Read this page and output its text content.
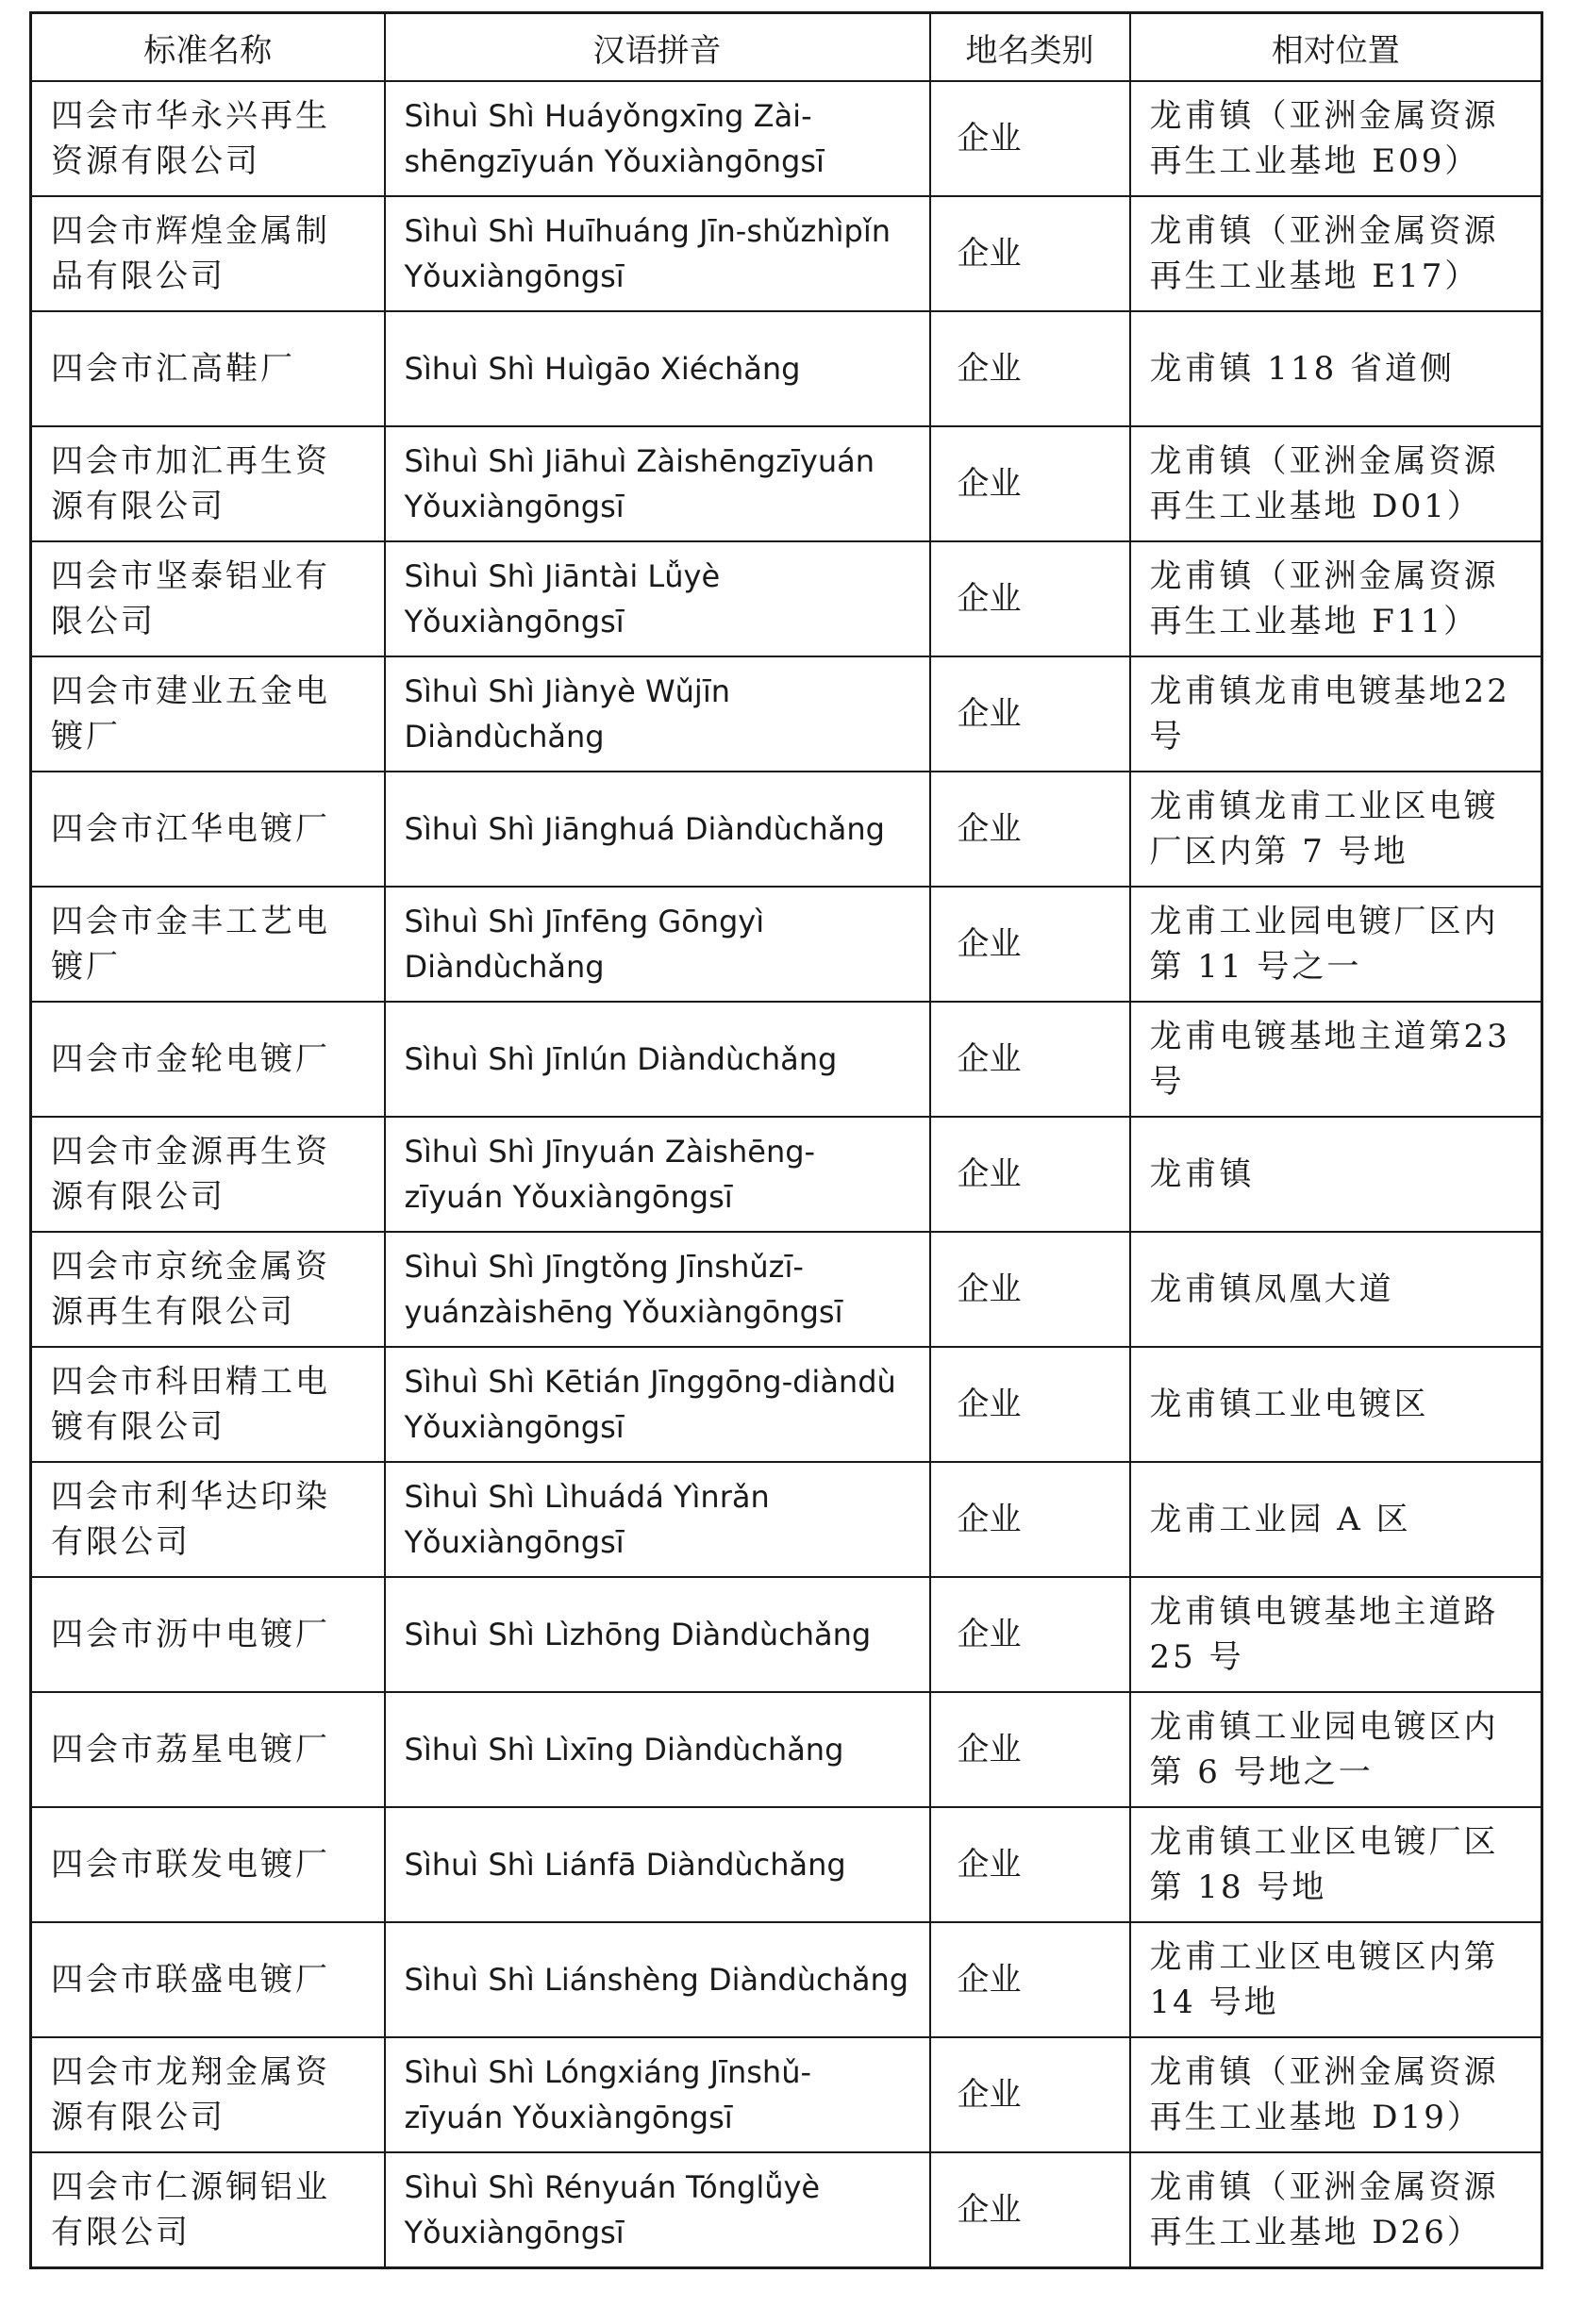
标准名称	汉语拼音	地名类别	相对位置
四会市华永兴再生资源有限公司	Sìhuì Shì Huáyǒngxīng Zài-shēngzīyuán Yǒuxiàngōngsī	企业	龙甫镇（亚洲金属资源再生工业基地 E09）
四会市辉煌金属制品有限公司	Sìhuì Shì Huīhuáng Jīn-shǔzhìpǐn Yǒuxiàngōngsī	企业	龙甫镇（亚洲金属资源再生工业基地 E17）
四会市汇高鞋厂	Sìhuì Shì Huìgāo Xiéchǎng	企业	龙甫镇 118 省道侧
四会市加汇再生资源有限公司	Sìhuì Shì Jiāhuì Zàishēngzīyuán Yǒuxiàngōngsī	企业	龙甫镇（亚洲金属资源再生工业基地 D01）
四会市坚泰铝业有限公司	Sìhuì Shì Jiāntài Lǚyè Yǒuxiàngōngsī	企业	龙甫镇（亚洲金属资源再生工业基地 F11）
四会市建业五金电镀厂	Sìhuì Shì Jiànyè Wǔjīn Diàndùchǎng	企业	龙甫镇龙甫电镀基地22 号
四会市江华电镀厂	Sìhuì Shì Jiānghuá Diàndùchǎng	企业	龙甫镇龙甫工业区电镀厂区内第 7 号地
四会市金丰工艺电镀厂	Sìhuì Shì Jīnfēng Gōngyì Diàndùchǎng	企业	龙甫工业园电镀厂区内第 11 号之一
四会市金轮电镀厂	Sìhuì Shì Jīnlún Diàndùchǎng	企业	龙甫电镀基地主道第23 号
四会市金源再生资源有限公司	Sìhuì Shì Jīnyuán Zàishēng-zīyuán Yǒuxiàngōngsī	企业	龙甫镇
四会市京统金属资源再生有限公司	Sìhuì Shì Jīngtǒng Jīnshǔzī-yuánzàishēng Yǒuxiàngōngsī	企业	龙甫镇凤凰大道
四会市科田精工电镀有限公司	Sìhuì Shì Kētián Jīnggōng-diàndù Yǒuxiàngōngsī	企业	龙甫镇工业电镀区
四会市利华达印染有限公司	Sìhuì Shì Lìhuádá Yìnrǎn Yǒuxiàngōngsī	企业	龙甫工业园 A 区
四会市沥中电镀厂	Sìhuì Shì Lìzhōng Diàndùchǎng	企业	龙甫镇电镀基地主道路25 号
四会市荔星电镀厂	Sìhuì Shì Lìxīng Diàndùchǎng	企业	龙甫镇工业园电镀区内第 6 号地之一
四会市联发电镀厂	Sìhuì Shì Liánfā Diàndùchǎng	企业	龙甫镇工业区电镀厂区第 18 号地
四会市联盛电镀厂	Sìhuì Shì Liánshèng Diàndùchǎng	企业	龙甫工业区电镀区内第14 号地
四会市龙翔金属资源有限公司	Sìhuì Shì Lóngxiáng Jīnshǔ-zīyuán Yǒuxiàngōngsī	企业	龙甫镇（亚洲金属资源再生工业基地 D19）
四会市仁源铜铝业有限公司	Sìhuì Shì Rényuán Tónglǚyè Yǒuxiàngōngsī	企业	龙甫镇（亚洲金属资源再生工业基地 D26）
